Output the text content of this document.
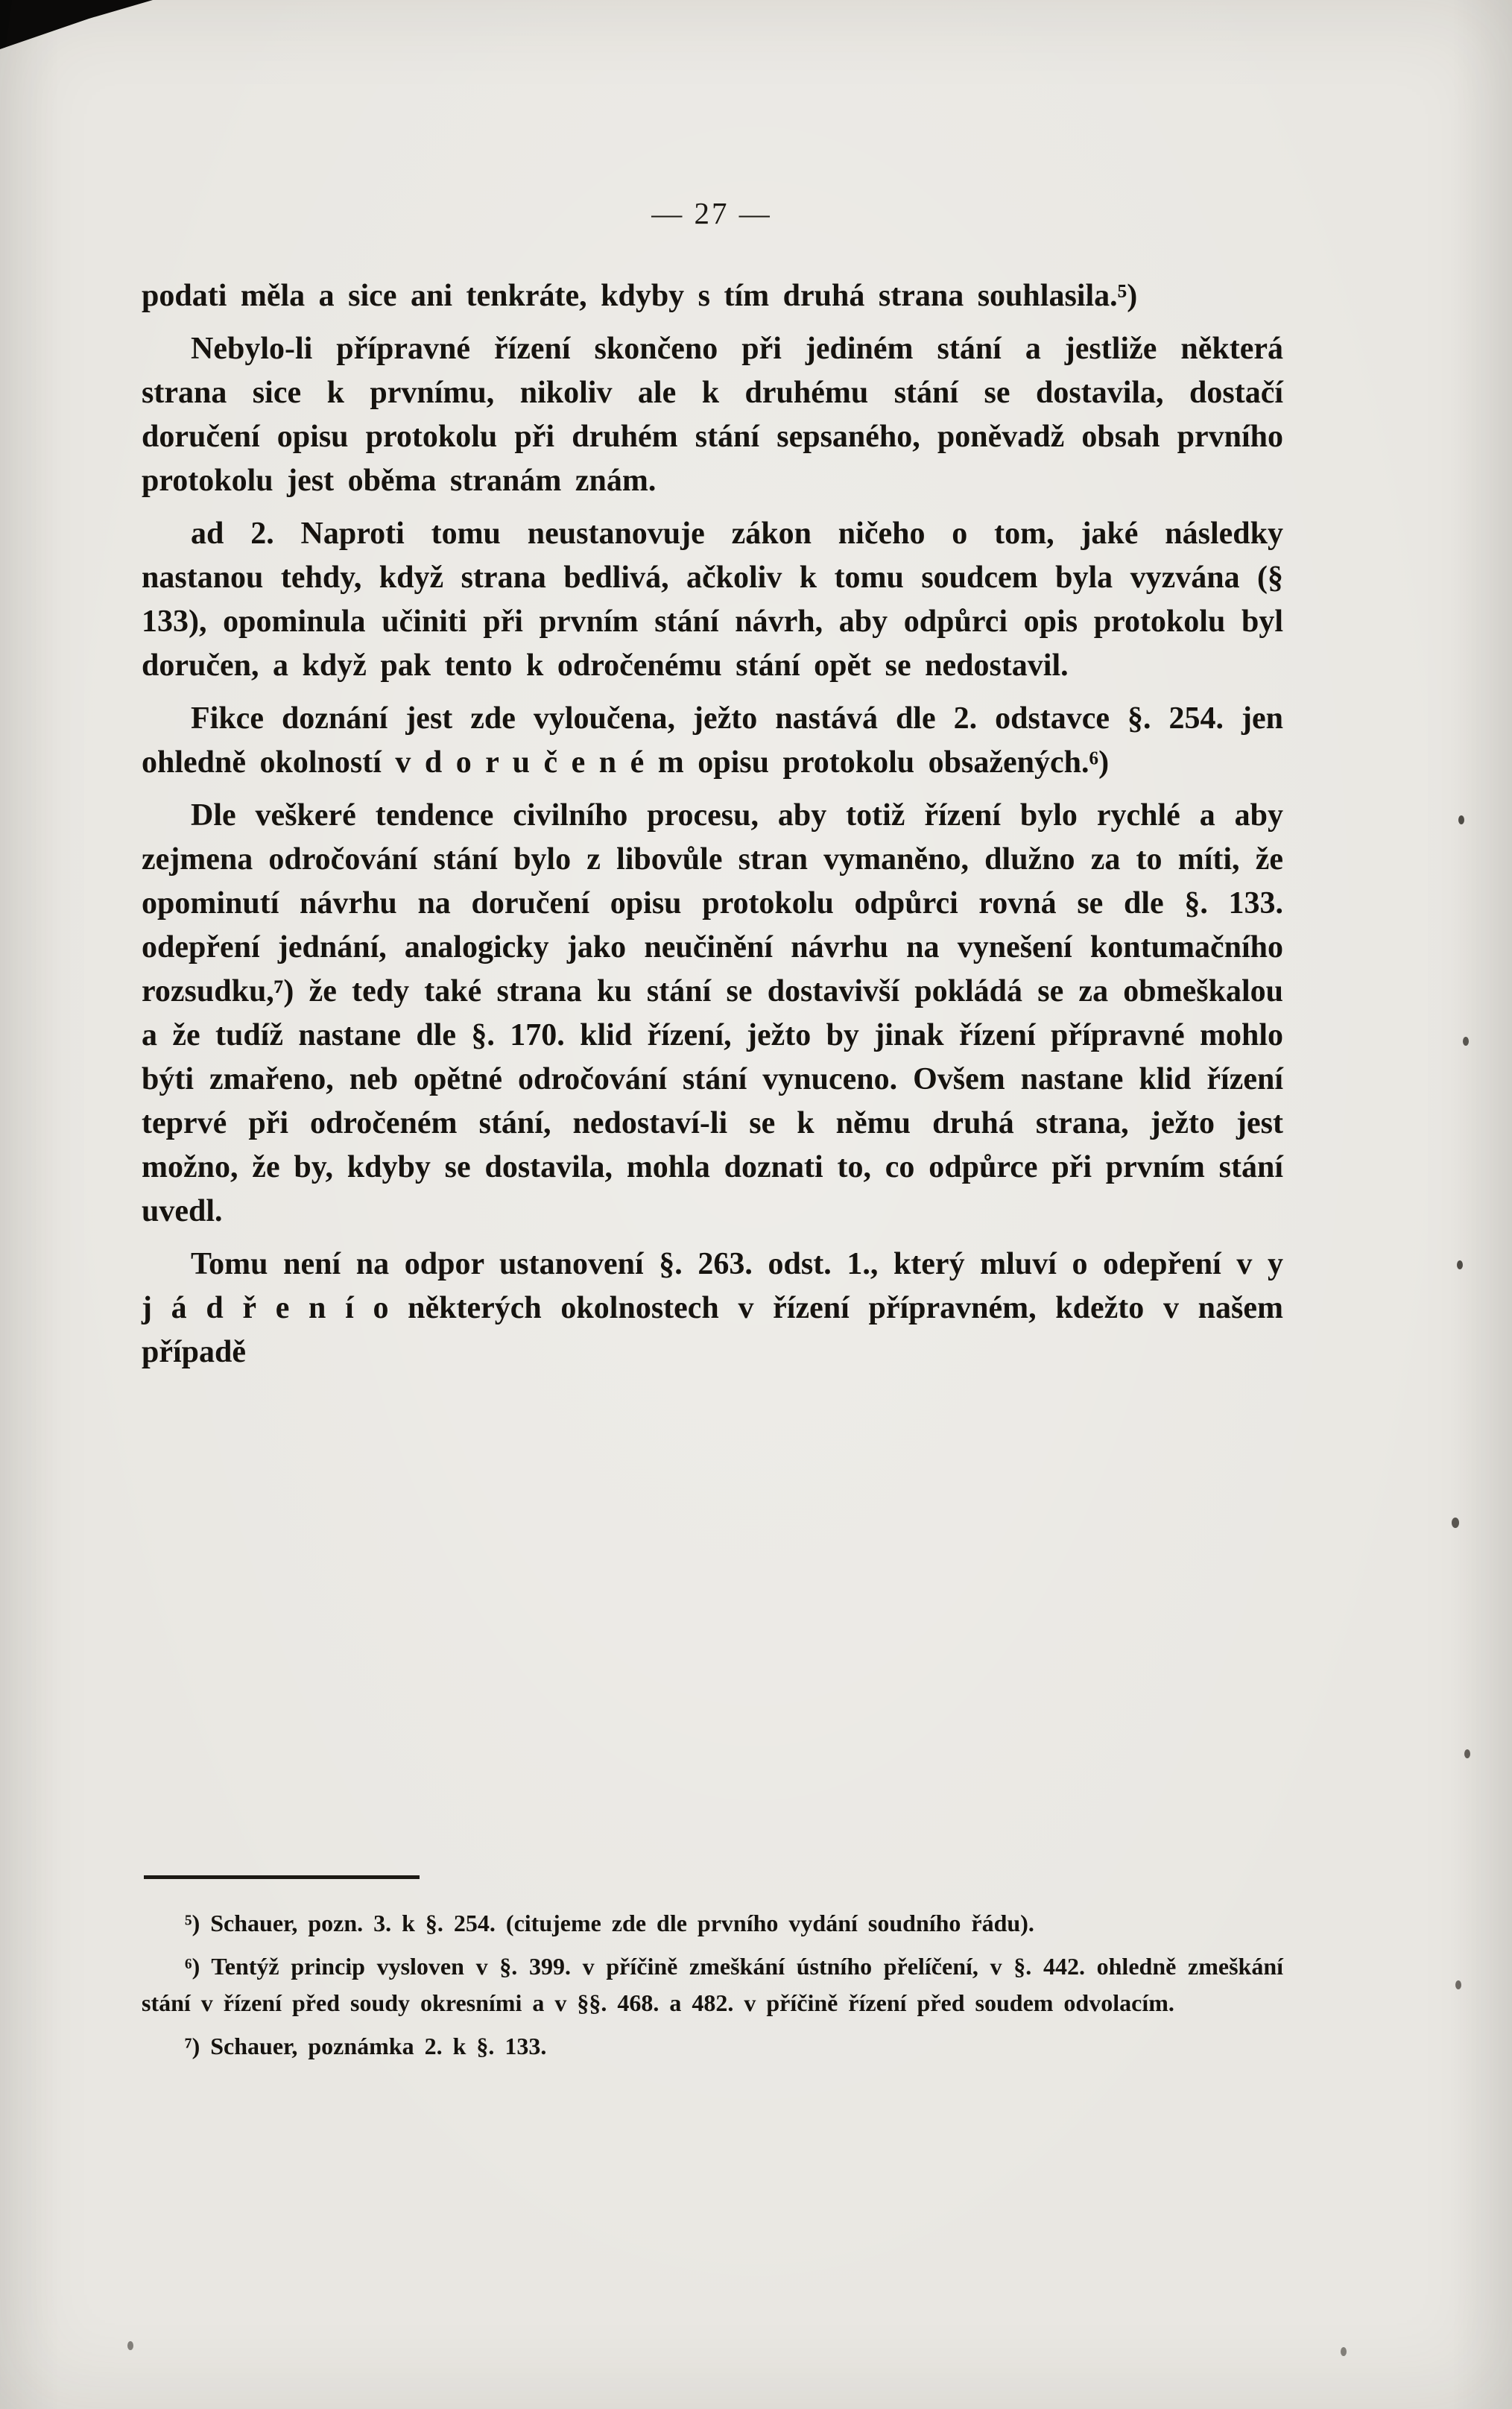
— 27 —

podati měla a sice ani tenkráte, kdyby s tím druhá strana souhlasila.⁵)

Nebylo-li přípravné řízení skončeno při jediném stání a jestliže některá strana sice k prvnímu, nikoliv ale k druhému stání se dostavila, dostačí doručení opisu protokolu při druhém stání sepsaného, poněvadž obsah prvního protokolu jest oběma stranám znám.

ad 2. Naproti tomu neustanovuje zákon ničeho o tom, jaké následky nastanou tehdy, když strana bedlivá, ačkoliv k tomu soudcem byla vyzvána (§ 133), opominula učiniti při prvním stání návrh, aby odpůrci opis protokolu byl doručen, a když pak tento k odročenému stání opět se nedostavil.

Fikce doznání jest zde vyloučena, ježto nastává dle 2. odstavce §. 254. jen ohledně okolností v d o r u č e n é m opisu protokolu obsažených.⁶)

Dle veškeré tendence civilního procesu, aby totiž řízení bylo rychlé a aby zejmena odročování stání bylo z libovůle stran vymaněno, dlužno za to míti, že opominutí návrhu na doručení opisu protokolu odpůrci rovná se dle §. 133. odepření jednání, analogicky jako neučinění návrhu na vynešení kontumačního rozsudku,⁷) že tedy také strana ku stání se dostavivší pokládá se za obmeškalou a že tudíž nastane dle §. 170. klid řízení, ježto by jinak řízení přípravné mohlo býti zmařeno, neb opětné odročování stání vynuceno. Ovšem nastane klid řízení teprvé při odročeném stání, nedostaví-li se k němu druhá strana, ježto jest možno, že by, kdyby se dostavila, mohla doznati to, co odpůrce při prvním stání uvedl.

Tomu není na odpor ustanovení §. 263. odst. 1., který mluví o odepření v y j á d ř e n í o některých okolnostech v řízení přípravném, kdežto v našem případě

⁵) Schauer, pozn. 3. k §. 254. (citujeme zde dle prvního vydání soudního řádu).

⁶) Tentýž princip vysloven v §. 399. v příčině zmeškání ústního přelíčení, v §. 442. ohledně zmeškání stání v řízení před soudy okresními a v §§. 468. a 482. v příčině řízení před soudem odvolacím.

⁷) Schauer, poznámka 2. k §. 133.
